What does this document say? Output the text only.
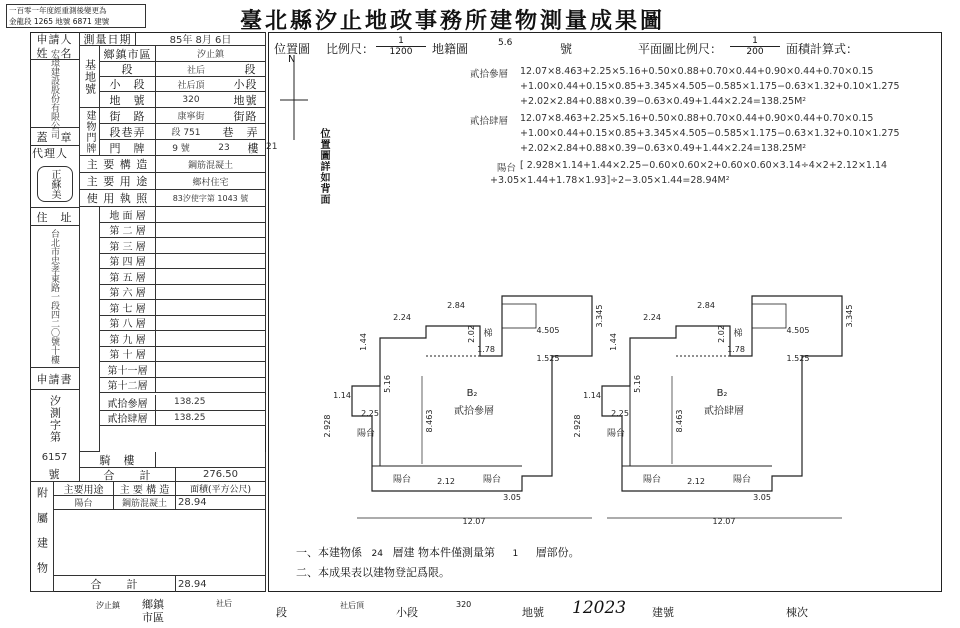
一百零一年度經重測後變更為
金龍段 1265 地號 6871 建號	臺北縣汐止地政事務所建物測量成果圖
申請人
姓　名
宏璟建設股份有限公司
蓋　章
代理人
正蘇美
住　址
台北市忠孝東路一段四二〇號十樓
申請書
汐測字第
6157
號
測量日期	85年 8月 6日
基地號
鄉鎮市區	汐止鎮
段	社后	段
小　段	社后頂	小段
地　號	320	地號
建物門牌	街　路	康寧街	街路
段巷弄	段 751	巷　弄
門　牌	9 號	23	樓 21
主 要 構 造	鋼筋混凝土
主 要 用 途	鄉村住宅
使 用 執 照	83汐使字第 1043 號
地 面 層
第 二 層
第 三 層
第 四 層
第 五 層
第 六 層
第 七 層
第 八 層
第 九 層
第 十 層
第十一層
第十二層
貳拾參層	138.25
貳拾肆層	138.25
騎　樓
合　　計	276.50
附屬建物	主要用途	主 要 構 造	面積(平方公尺)
陽台	鋼筋混凝土	28.94
合　　計	28.94
位置圖 比例尺： $\frac{1}{1200}$ 地籍圖	5.6	號	平面圖比例尺： $\frac{1}{200}$ 面積計算式：
N
位置圖詳如背面
貳拾參層	12.07×8.463+2.25×5.16+0.50×0.88+0.70×0.44+0.90×0.44+0.70×0.15
+1.00×0.44+0.15×0.85+3.345×4.505−0.585×1.175−0.63×1.32+0.10×1.275
+2.02×2.84+0.88×0.39−0.63×0.49+1.44×2.24=138.25M²
貳拾肆層	12.07×8.463+2.25×5.16+0.50×0.88+0.70×0.44+0.90×0.44+0.70×0.15
+1.00×0.44+0.15×0.85+3.345×4.505−0.585×1.175−0.63×1.32+0.10×1.275
+2.02×2.84+0.88×0.39−0.63×0.49+1.44×2.24=138.25M²
陽台 [ 2.928×1.14+1.44×2.25−0.60×0.60×2+0.60×0.60×3.14÷4×2+2.12×1.14
+3.05×1.44+1.78×1.93]÷2−3.05×1.44=28.94M²
12.07
8.463
5.16
2.24
2.84
2.25
1.14
2.928
3.05
1.44
4.505
1.78
2.02
2.12
1.525
3.345
B₂
貳拾參層
陽台
陽台	陽台
梯
12.07
8.463
5.16
2.24
2.84
2.25
1.14
2.928
3.05
1.44
4.505
1.78
2.02
2.12
1.525
3.345
B₂
貳拾肆層
陽台
陽台	陽台
梯
一、本建物係 24 層建 物本件僅測量第 1 層部份。
二、本成果表以建物登記爲限。
汐止鎮 鄉鎮市區
社后
段
社后頂
小段
320
地號 12023 建號	棟次
